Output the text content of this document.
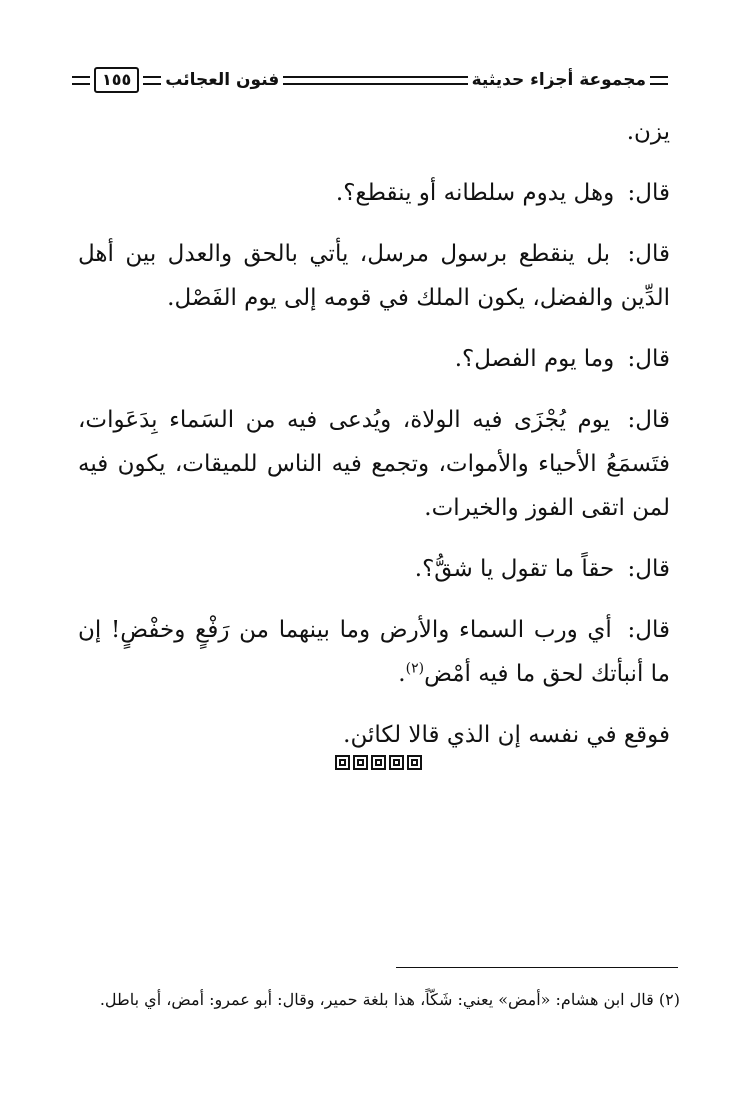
مجموعة أجزاء حديثية
فنون العجائب
١٥٥

يزن.

قال: وهل يدوم سلطانه أو ينقطع؟.

قال: بل ينقطع برسول مرسل، يأتي بالحق والعدل بين أهل الدِّين والفضل، يكون الملك في قومه إلى يوم الفَصْل.

قال: وما يوم الفصل؟.

قال: يوم يُجْزَى فيه الولاة، ويُدعى فيه من السَماء بِدَعَوات، فتَسمَعُ الأحياء والأموات، وتجمع فيه الناس للميقات، يكون فيه لمن اتقى الفوز والخيرات.

قال: حقاً ما تقول يا شقُّ؟.

قال: أي ورب السماء والأرض وما بينهما من رَفْعٍ وخفْضٍ! إن ما أنبأتك لحق ما فيه أمْض$^{(٢)}$.

فوقع في نفسه إن الذي قالا لكائن.

(٢) قال ابن هشام: «أمض» يعني: شَكّاً، هذا بلغة حمير، وقال: أبو عمرو: أمض، أي باطل.
